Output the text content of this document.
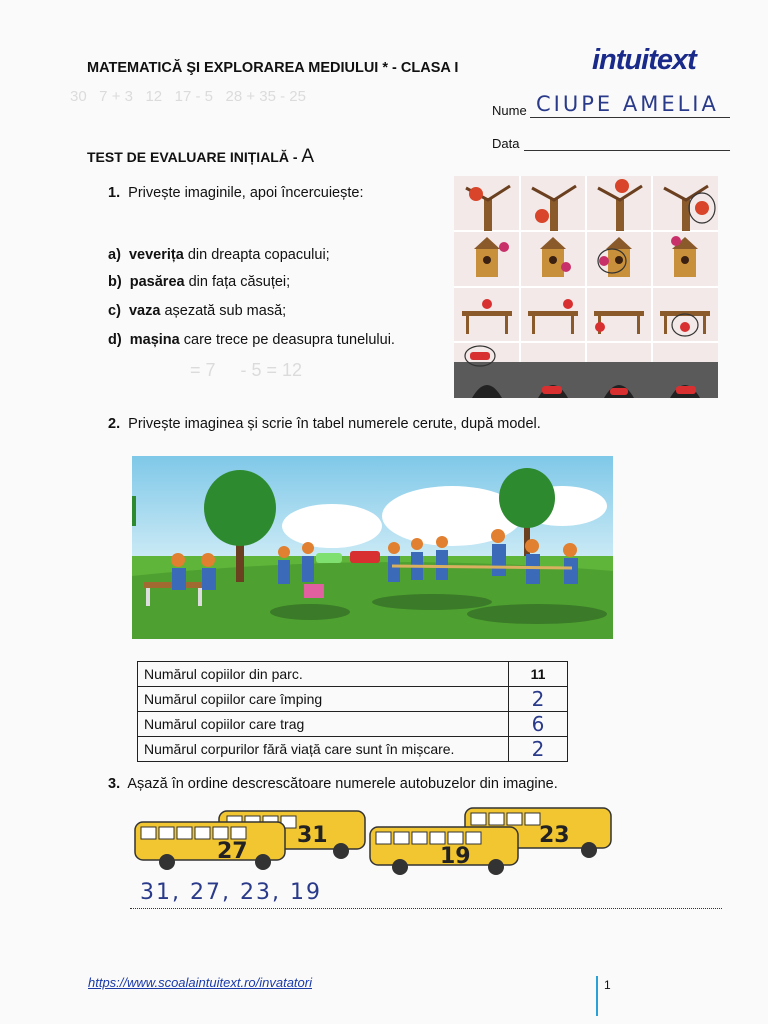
30   7 + 3   12   17 - 5   28 + 35 - 25
= 7     - 5 = 12
intuitext
MATEMATICĂ ŞI EXPLORAREA MEDIULUI * - CLASA I
Nume CIUPE AMELIA
Data
TEST DE EVALUARE INIȚIALĂ - A
1. Privește imaginile, apoi încercuiește:
a) veverița din dreapta copacului;
b) pasărea din fața căsuței;
c) vaza așezată sub masă;
d) mașina care trece pe deasupra tunelului.
2. Privește imaginea și scrie în tabel numerele cerute, după model.
Numărul copiilor din parc.	11
Numărul copiilor care împing	2
Numărul copiilor care trag	6
Numărul corpurilor fără viață care sunt în mișcare.	2
3. Așază în ordine descrescătoare numerele autobuzelor din imagine.
31
27
23
19
31, 27, 23, 19
https://www.scoalaintuitext.ro/invatatori	1
